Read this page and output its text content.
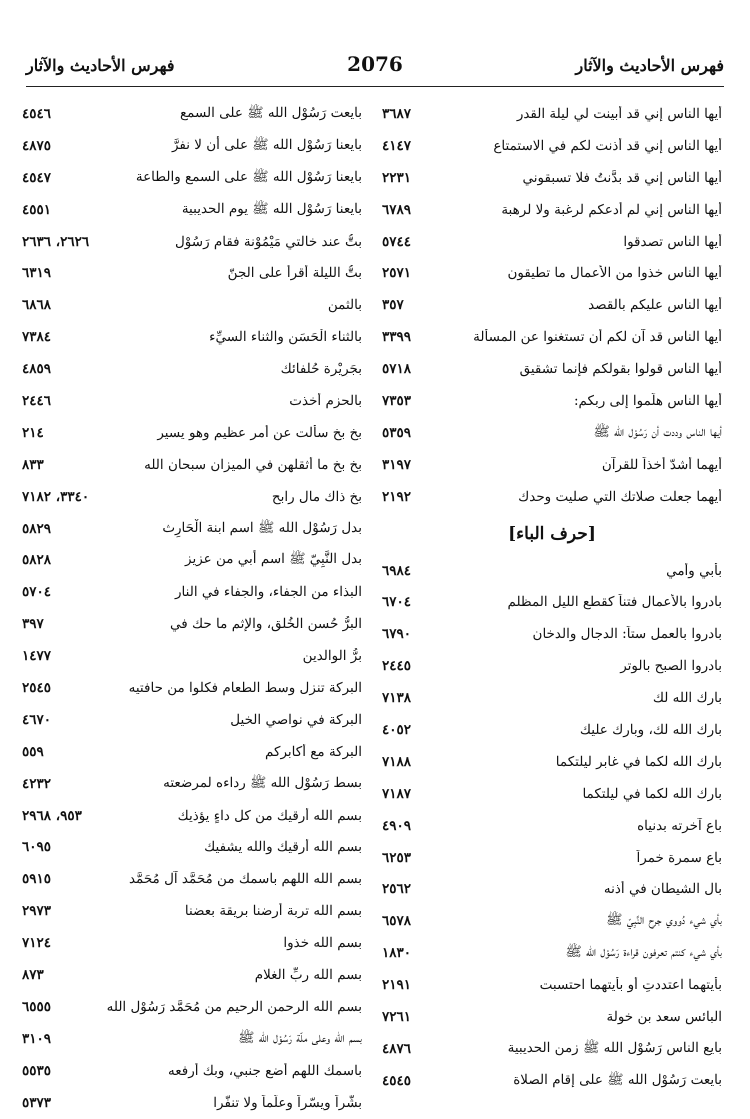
فهرس الأحاديث والآثار	2076	فهرس الأحاديث والآثار
أيها الناس إني قد أُبينت لي ليلة القدر
٣٦٨٧
أيها الناس إني قد أذنت لكم في الاستمتاع
٤١٤٧
أيها الناس إني قد بدَّنتُ فلا تسبقوني
٢٢٣١
أيها الناس إني لم أدعكم لرغبة ولا لرهبة
٦٧٨٩
أيها الناس تصدقوا
٥٧٤٤
أيها الناس خذوا من الأعمال ما تطيقون
٢٥٧١
أيها الناس عليكم بالقصد
٣٥٧
أيها الناس قد آن لكم أن تستغنوا عن المسألة
٣٣٩٩
أيها الناس قولوا بقولكم فإنما تشقيق
٥٧١٨
أيها الناس هلّموا إلى ربكم:
٧٣٥٣
أيها الناس وددت أن رَسُوْل الله ﷺ
٥٣٥٩
أيهما أشدّ أخذاً للقرآن
٣١٩٧
أيهما جعلت صلاتك التي صليت وحدك
٢١٩٢
[حرف الباء]
بأبي وأمي
٦٩٨٤
بادروا بالأعمال فتناً كقطع الليل المظلم
٦٧٠٤
بادروا بالعمل ستاً: الدجال والدخان
٦٧٩٠
بادروا الصبح بالوتر
٢٤٤٥
بارك الله لك
٧١٣٨
بارك الله لك، وبارك عليك
٤٠٥٢
بارك الله لكما في غابر ليلتكما
٧١٨٨
بارك الله لكما في ليلتكما
٧١٨٧
باع آخرته بدنياه
٤٩٠٩
باع سمرة خمراً
٦٢٥٣
بال الشيطان في أذنه
٢٥٦٢
بأي شيء دُووي جرح النَّبِيّ ﷺ
٦٥٧٨
بأي شيء كنتم تعرفون قراءة رَسُوْل الله ﷺ
١٨٣٠
بأيتهما اعتددتِ أو بأيتهما احتسبت
٢١٩١
البائس سعد بن خولة
٧٢٦١
بايع الناس رَسُوْل الله ﷺ زمن الحديبية
٤٨٧٦
بايعت رَسُوْل الله ﷺ على إقام الصلاة
٤٥٤٥
بايعت رَسُوْل الله ﷺ على السمع
٤٥٤٦
بايعنا رَسُوْل الله ﷺ على أن لا نفرَّ
٤٨٧٥
بايعنا رَسُوْل الله ﷺ على السمع والطاعة
٤٥٤٧
بايعنا رَسُوْل الله ﷺ يوم الحديبية
٤٥٥١
بتُّ عند خالتي مَيْمُوْنة فقام رَسُوْل
٢٦٢٦، ٢٦٣٦
بتُّ الليلة أقرأ على الجنّ
٦٣١٩
بالثمن
٦٨٦٨
بالثناء الْحَسَن والثناء السيِّء
٧٣٨٤
بجَرِيْرة حُلفائك
٤٨٥٩
بالحزم أخذت
٢٤٤٦
بخ بخ سألت عن أمر عظيم وهو يسير
٢١٤
بخ بخ ما أثقلهن في الميزان سبحان الله
٨٣٣
بخ ذاك مال رابح
٣٣٤٠، ٧١٨٢
بدل رَسُوْل الله ﷺ اسم ابنة الْحَارِث
٥٨٢٩
بدل النَّبِيّ ﷺ اسم أبي من عزيز
٥٨٢٨
البذاء من الجفاء، والجفاء في النار
٥٧٠٤
البرُّ حُسن الخُلق، والإثم ما حك في
٣٩٧
برُّ الوالدين
١٤٧٧
البركة تنزل وسط الطعام فكلوا من حافتيه
٢٥٤٥
البركة في نواصي الخيل
٤٦٧٠
البركة مع أكابركم
٥٥٩
بسط رَسُوْل الله ﷺ رداءه لمرضعته
٤٢٣٢
بسم الله أرقيك من كل داءٍ يؤذيك
٩٥٣، ٢٩٦٨
بسم الله أرقيك والله يشفيك
٦٠٩٥
بسم الله اللهم باسمك من مُحَمَّد آل مُحَمَّد
٥٩١٥
بسم الله تربة أرضنا بريقة بعضنا
٢٩٧٣
بسم الله خذوا
٧١٢٤
بسم الله ربِّ الغلام
٨٧٣
بسم الله الرحمن الرحيم من مُحَمَّد رَسُوْل الله
٦٥٥٥
بسم الله وعلى ملّة رَسُوْل الله ﷺ
٣١٠٩
باسمك اللهم أضع جنبي، وبك أرفعه
٥٥٣٥
بشّراً ويسّراً وعلّماً ولا تنفّرا
٥٣٧٣
